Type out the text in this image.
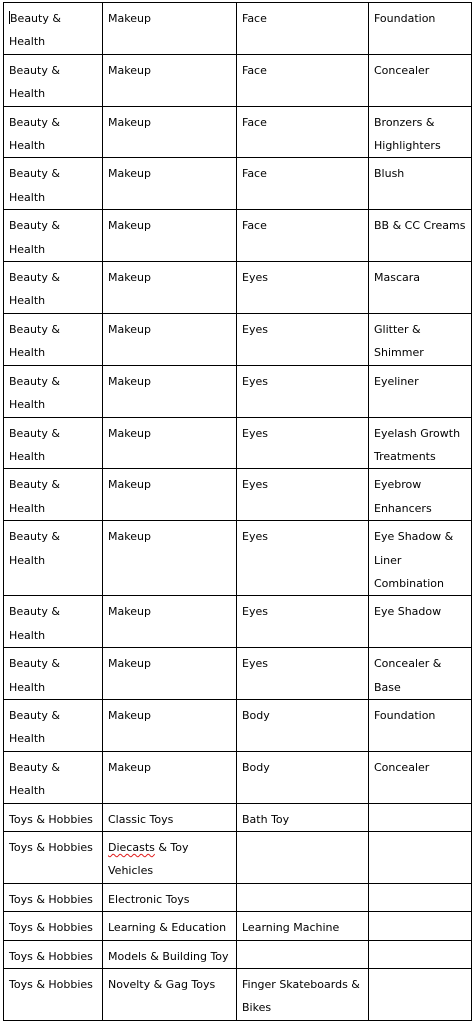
Beauty & Health	Makeup	Face	Foundation
Beauty & Health	Makeup	Face	Concealer
Beauty & Health	Makeup	Face	Bronzers & Highlighters
Beauty & Health	Makeup	Face	Blush
Beauty & Health	Makeup	Face	BB & CC Creams
Beauty & Health	Makeup	Eyes	Mascara
Beauty & Health	Makeup	Eyes	Glitter & Shimmer
Beauty & Health	Makeup	Eyes	Eyeliner
Beauty & Health	Makeup	Eyes	Eyelash Growth Treatments
Beauty & Health	Makeup	Eyes	Eyebrow Enhancers
Beauty & Health	Makeup	Eyes	Eye Shadow & Liner Combination
Beauty & Health	Makeup	Eyes	Eye Shadow
Beauty & Health	Makeup	Eyes	Concealer & Base
Beauty & Health	Makeup	Body	Foundation
Beauty & Health	Makeup	Body	Concealer
Toys & Hobbies	Classic Toys	Bath Toy	
Toys & Hobbies	Diecasts & Toy Vehicles		
Toys & Hobbies	Electronic Toys		
Toys & Hobbies	Learning & Education	Learning Machine	
Toys & Hobbies	Models & Building Toy		
Toys & Hobbies	Novelty & Gag Toys	Finger Skateboards & Bikes	
